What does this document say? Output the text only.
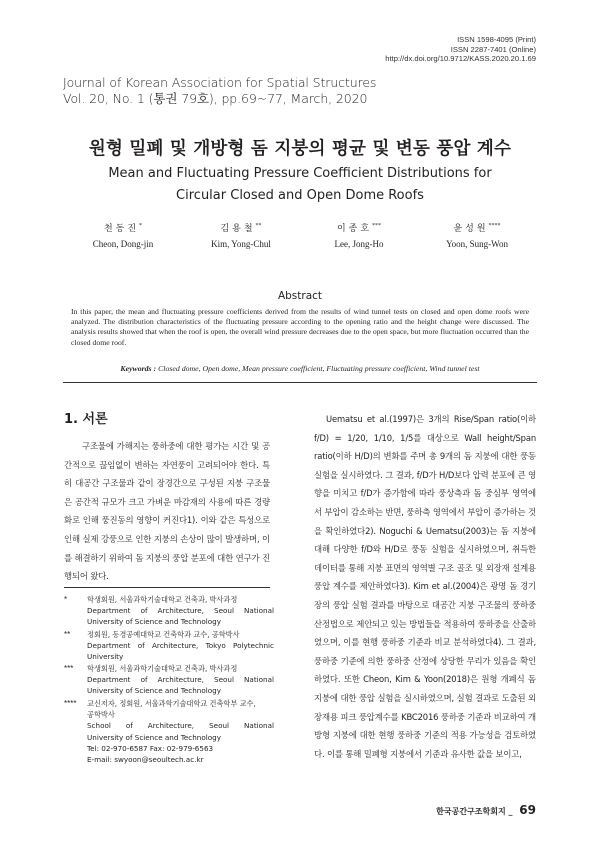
ISSN 1598-4095 (Print)
ISSN 2287-7401 (Online)
http://dx.doi.org/10.9712/KASS.2020.20.1.69
Journal of Korean Association for Spatial Structures
Vol. 20, No. 1 (통권 79호), pp.69~77, March, 2020
원형 밀폐 및 개방형 돔 지붕의 평균 및 변동 풍압 계수
Mean and Fluctuating Pressure Coefficient Distributions for
Circular Closed and Open Dome Roofs
천동진*
Cheon, Dong-jin
김용철**
Kim, Yong-Chul
이종호***
Lee, Jong-Ho
윤성원****
Yoon, Sung-Won
Abstract
In this paper, the mean and fluctuating pressure coefficients derived from the results of wind tunnel tests on closed and open dome roofs were analyzed. The distribution characteristics of the fluctuating pressure according to the opening ratio and the height change were discussed. The analysis results showed that when the roof is open, the overall wind pressure decreases due to the open space, but more fluctuation occurred than the closed dome roof.
Keywords : Closed dome, Open dome, Mean pressure coefficient, Fluctuating pressure coefficient, Wind tunnel test
1. 서론
구조물에 가해지는 풍하중에 대한 평가는 시간 및 공간적으로 끊임없이 변하는 자연풍이 고려되어야 한다. 특히 대공간 구조물과 같이 장경간으로 구성된 지붕 구조물은 공간적 규모가 크고 가벼운 마감재의 사용에 따른 경량화로 인해 풍진동의 영향이 커진다1). 이와 같은 특성으로 인해 실제 강풍으로 인한 지붕의 손상이 많이 발생하며, 이를 해결하기 위하여 돔 지붕의 풍압 분포에 대한 연구가 진행되어 왔다.
Uematsu et al.(1997)은 3개의 Rise/Span ratio(이하 f/D) = 1/20, 1/10, 1/5를 대상으로 Wall height/Span ratio(이하 H/D)의 변화를 주며 총 9개의 돔 지붕에 대한 풍동 실험을 실시하였다. 그 결과, f/D가 H/D보다 압력 분포에 큰 영향을 미치고 f/D가 증가함에 따라 풍상측과 돔 중심부 영역에서 부압이 감소하는 반면, 풍하측 영역에서 부압이 증가하는 것을 확인하였다2). Noguchi & Uematsu(2003)는 돔 지붕에 대해 다양한 f/D와 H/D로 풍동 실험을 실시하였으며, 취득한 데이터를 통해 지붕 표면의 영역별 구조 골조 및 외장재 설계용 풍압 계수를 제안하였다3). Kim et al.(2004)은 광명 돔 경기장의 풍압 실험 결과를 바탕으로 대공간 지붕 구조물의 풍하중 산정법으로 제안되고 있는 방법들을 적용하여 풍하중을 산출하였으며, 이를 현행 풍하중 기준과 비교 분석하였다4). 그 결과, 풍하중 기준에 의한 풍하중 산정에 상당한 무리가 있음을 확인하였다. 또한 Cheon, Kim & Yoon(2018)은 원형 개폐식 돔 지붕에 대한 풍압 실험을 실시하였으며, 실험 결과로 도출된 외장재용 피크 풍압계수를 KBC2016 풍하중 기준과 비교하여 개방형 지붕에 대한 현행 풍하중 기준의 적용 가능성을 검토하였다. 이를 통해 밀폐형 지붕에서 기준과 유사한 값을 보이고,
*	학생회원, 서울과학기술대학교 건축과, 박사과정
Department of Architecture, Seoul National
University of Science and Technology
**	정회원, 동경공예대학교 건축학과 교수, 공학박사
Department of Architecture, Tokyo Polytechnic
University
***	학생회원, 서울과학기술대학교 건축과, 박사과정
Department of Architecture, Seoul National
University of Science and Technology
****	교신저자, 정회원, 서울과학기술대학교 건축학부 교수,
공학박사
School of Architecture, Seoul National
University of Science and Technology
Tel: 02-970-6587 Fax: 02-979-6563
E-mail: swyoon@seoultech.ac.kr
한국공간구조학회지 _ 69
